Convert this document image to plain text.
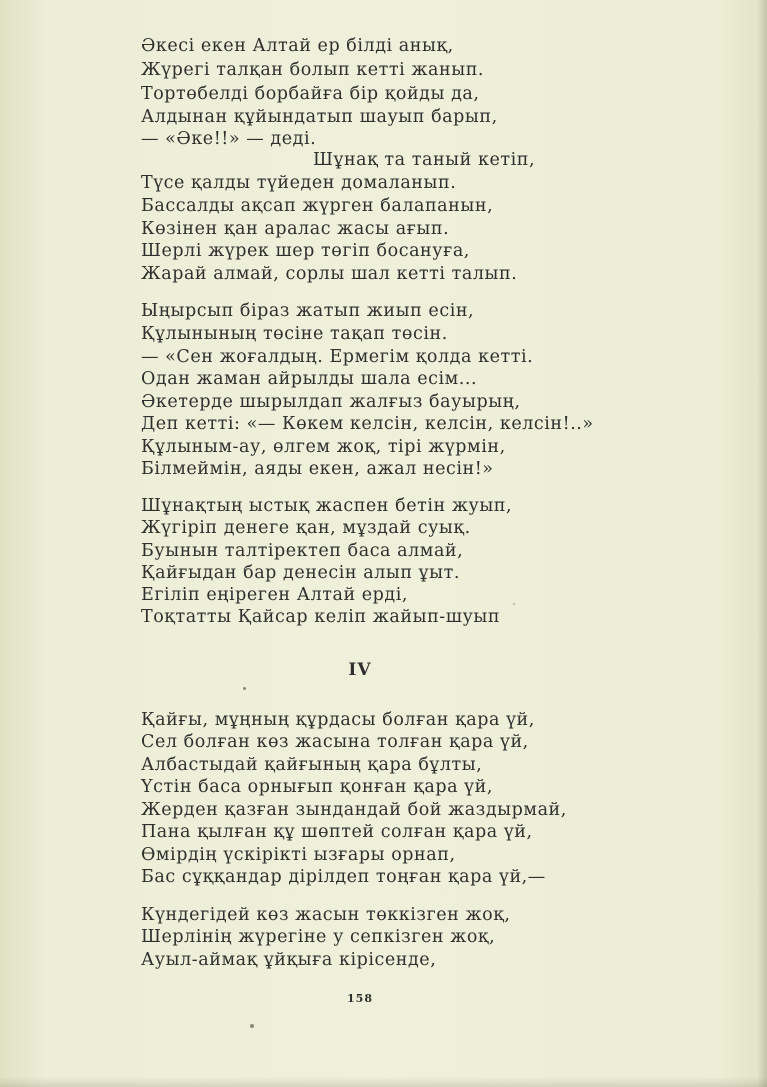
Әкесі екен Алтай ер білді анық,
Жүрегі талқан болып кетті жанып.
Тортөбелді борбайға бір қойды да,
Алдынан құйындатып шауып барып,
— «Әке!!» — деді.
Шұнақ та таный кетіп,
Түсе қалды түйеден домаланып.
Бассалды ақсап жүрген балапанын,
Көзінен қан аралас жасы ағып.
Шерлі жүрек шер төгіп босануға,
Жарай алмай, сорлы шал кетті талып.
Ыңырсып біраз жатып жиып есін,
Құлынының төсіне тақап төсін.
— «Сен жоғалдың. Ермегім қолда кетті.
Одан жаман айрылды шала есім...
Әкетерде шырылдап жалғыз бауырың,
Деп кетті: «— Көкем келсін, келсін, келсін!..»
Құлыным-ау, өлгем жоқ, тірі жүрмін,
Білмеймін, аяды екен, ажал несін!»
Шұнақтың ыстық жаспен бетін жуып,
Жүгіріп денеге қан, мұздай суық.
Буынын талтіректеп баса алмай,
Қайғыдан бар денесін алып ұыт.
Егіліп еңіреген Алтай ерді,
Тоқтатты Қайсар келіп жайып-шуып
IV
Қайғы, мұңның құрдасы болған қара үй,
Сел болған көз жасына толған қара үй,
Албастыдай қайғының қара бұлты,
Үстін баса орнығып қонған қара үй,
Жерден қазған зындандай бой жаздырмай,
Пана қылған құ шөптей солған қара үй,
Өмірдің үскірікті ызғары орнап,
Бас сұққандар дірілдеп тоңған қара үй,—
Күндегідей көз жасын төккізген жоқ,
Шерлінің жүрегіне у сепкізген жоқ,
Ауыл-аймақ ұйқыға кірісенде,
158
